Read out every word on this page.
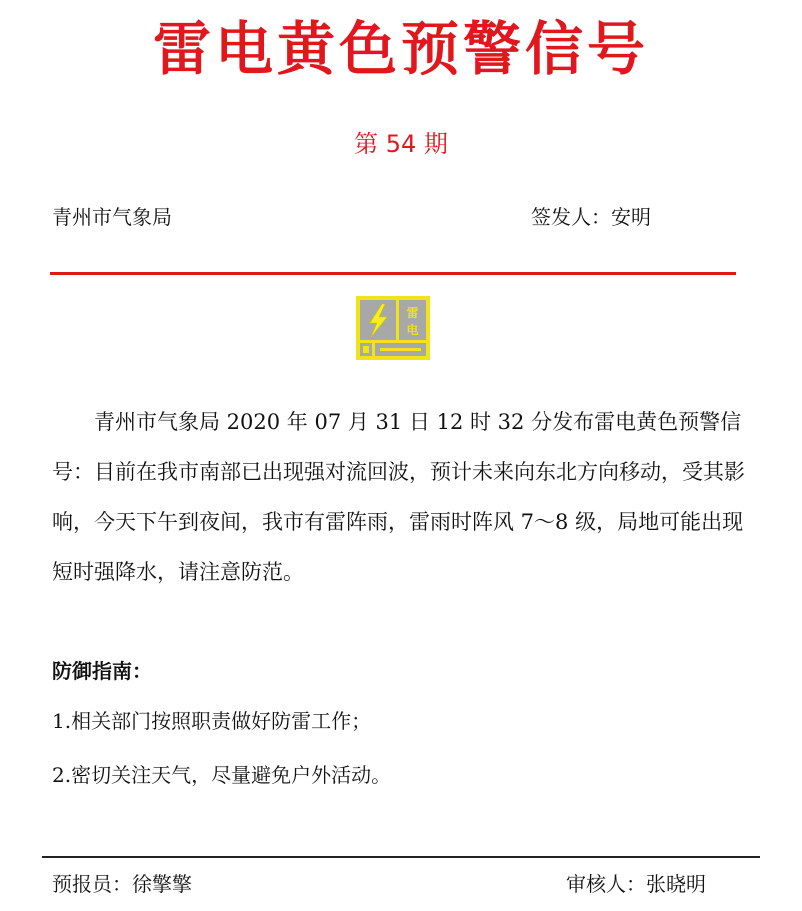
雷电黄色预警信号
第 54 期
青州市气象局	签发人：安明
雷
电
青州市气象局 2020 年 07 月 31 日 12 时 32 分发布雷电黄色预警信号：目前在我市南部已出现强对流回波，预计未来向东北方向移动，受其影响，今天下午到夜间，我市有雷阵雨，雷雨时阵风 7～8 级，局地可能出现短时强降水，请注意防范。
防御指南：
1.相关部门按照职责做好防雷工作；
2.密切关注天气，尽量避免户外活动。
预报员：徐擎擎	审核人：张晓明
